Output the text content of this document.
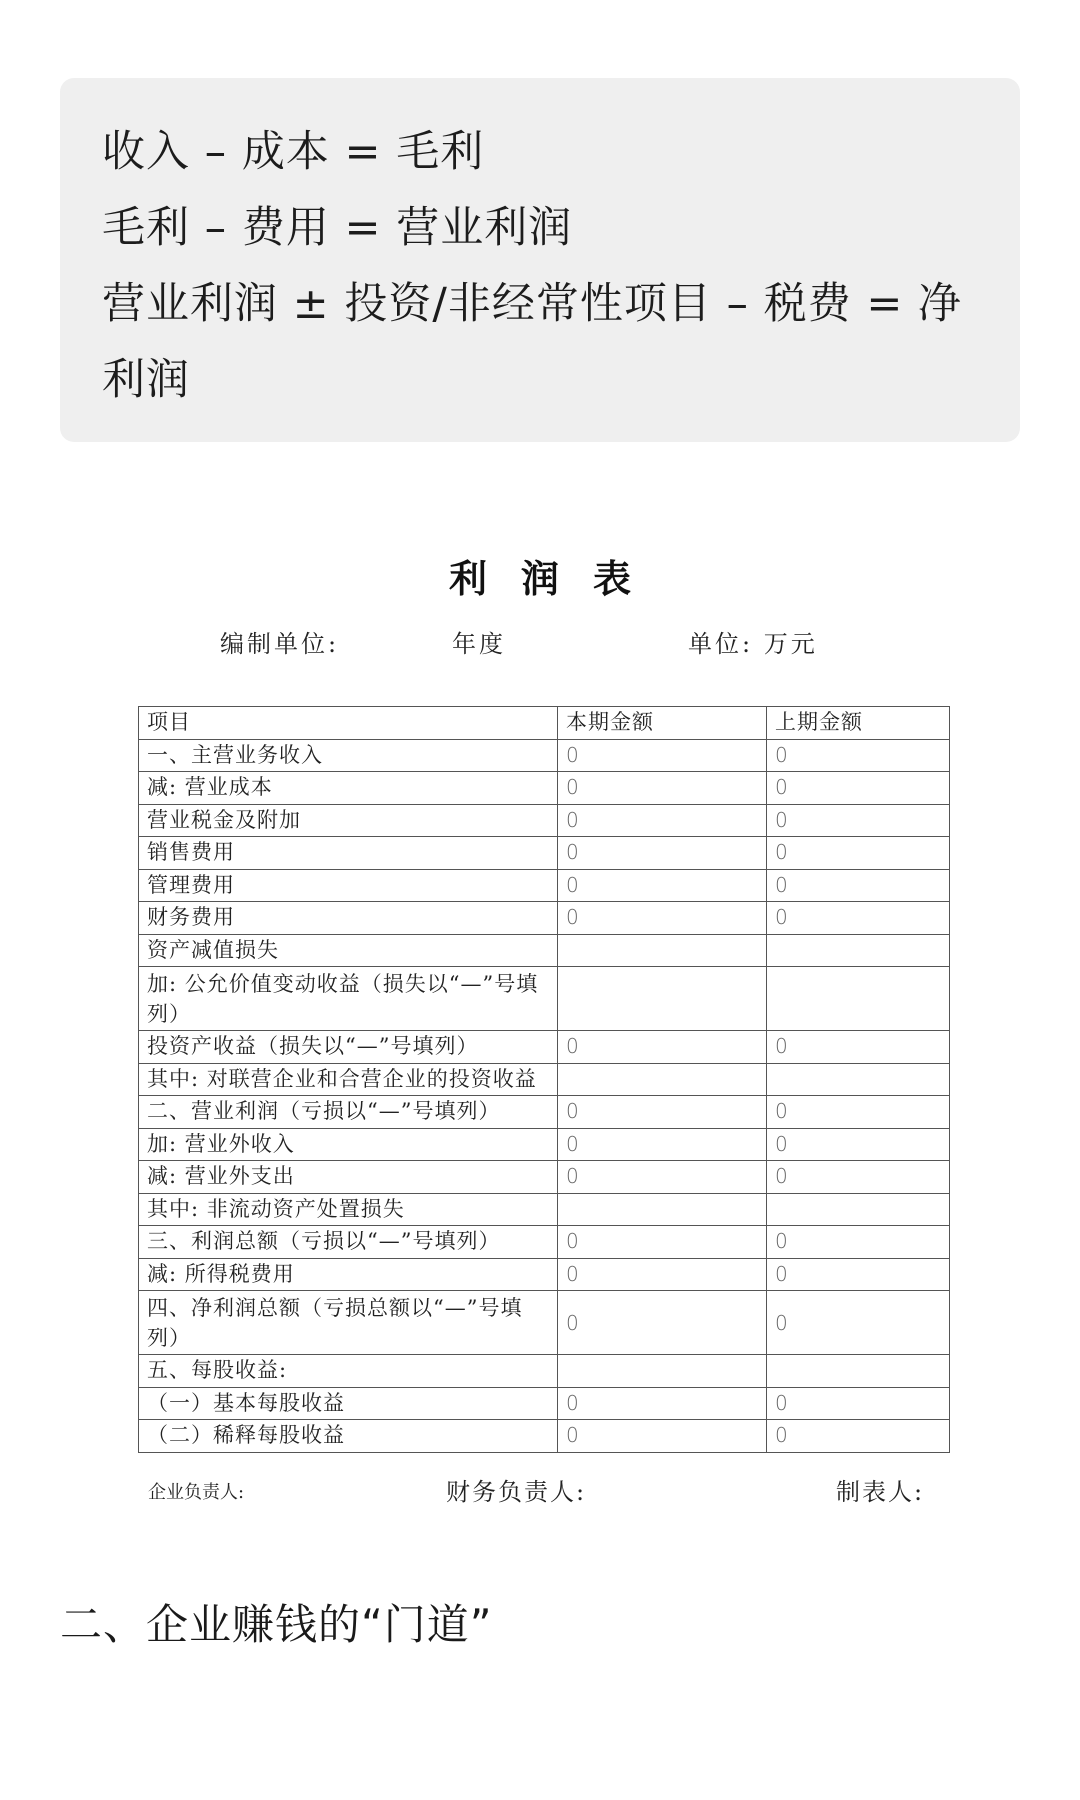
收入 – 成本 = 毛利
毛利 – 费用 = 营业利润
营业利润 ± 投资/非经常性项目 – 税费 = 净利润
利润表
编制单位:	年度	单位: 万元
项目	本期金额	上期金额
一、主营业务收入	0	0
减: 营业成本	0	0
营业税金及附加	0	0
销售费用	0	0
管理费用	0	0
财务费用	0	0
资产减值损失		
加: 公允价值变动收益（损失以“—”号填列）		
投资产收益（损失以“—”号填列）	0	0
其中: 对联营企业和合营企业的投资收益		
二、营业利润（亏损以“—”号填列）	0	0
加: 营业外收入	0	0
减: 营业外支出	0	0
其中: 非流动资产处置损失		
三、利润总额（亏损以“—”号填列）	0	0
减: 所得税费用	0	0
四、净利润总额（亏损总额以“—”号填列）	0	0
五、每股收益:		
（一）基本每股收益	0	0
（二）稀释每股收益	0	0
企业负责人:	财务负责人:	制表人:
二、企业赚钱的“门道”
